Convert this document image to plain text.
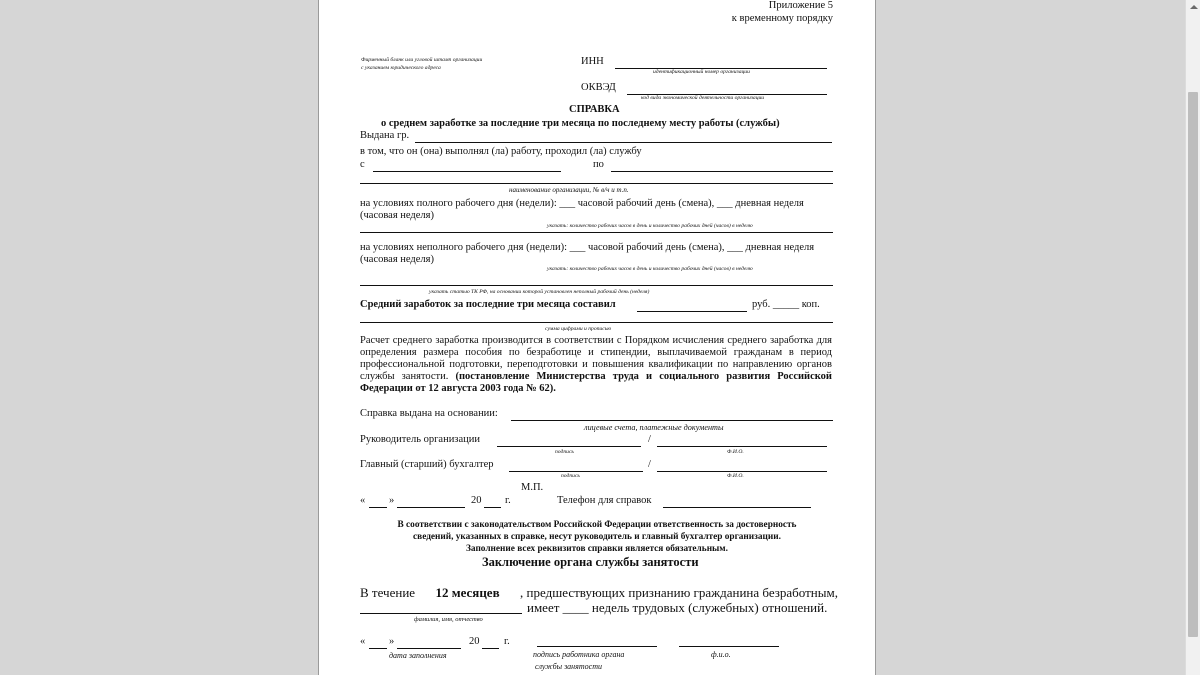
Приложение 5
к временному порядку
Фирменный бланк или угловой штамп организации
с указанием юридического адреса
ИНН
идентификационный номер организации
ОКВЭД
код вида экономической деятельности организации
СПРАВКА
о среднем заработке за последние три месяца по последнему месту работы (службы)
Выдана гр.
в том, что он (она) выполнял (ла) работу, проходил (ла) службу
с	по
наименование организации, № в/ч и т.п.
на условиях полного рабочего дня (недели): ___ часовой рабочий день (смена), ___ дневная неделя
(часовая неделя)
указать: количество рабочих часов в день и количество рабочих дней (часов) в неделю
на условиях неполного рабочего дня (недели): ___ часовой рабочий день (смена), ___ дневная неделя
(часовая неделя)
указать: количество рабочих часов в день и количество рабочих дней (часов) в неделю
указать статью ТК РФ, на основании которой установлен неполный рабочий день (неделя)
Средний заработок за последние три месяца составил	руб. _____ коп.
сумма цифрами и прописью
Расчет среднего заработка производится в соответствии с Порядком исчисления среднего заработка для определения размера пособия по безработице и стипендии, выплачиваемой гражданам в период профессиональной подготовки, переподготовки и повышения квалификации по направлению органов службы занятости. (постановление Министерства труда и социального развития Российской Федерации от 12 августа 2003 года № 62).
Справка выдана на основании:
лицевые счета, платежные документы
Руководитель организации	/
подпись	Ф.И.О.
Главный (старший) бухгалтер	/
подпись	Ф.И.О.
М.П.
« »	20 г.	Телефон для справок
В соответствии с законодательством Российской Федерации ответственность за достоверность
сведений, указанных в справке, несут руководитель и главный бухгалтер организации.
Заполнение всех реквизитов справки является обязательным.
Заключение органа службы занятости
В течение 12 месяцев , предшествующих признанию гражданина безработным,
имеет ____ недель трудовых (служебных) отношений.
фамилия, имя, отчество
« »	20 г.
дата заполнения	подпись работника органа
службы занятости
ф.и.о.
